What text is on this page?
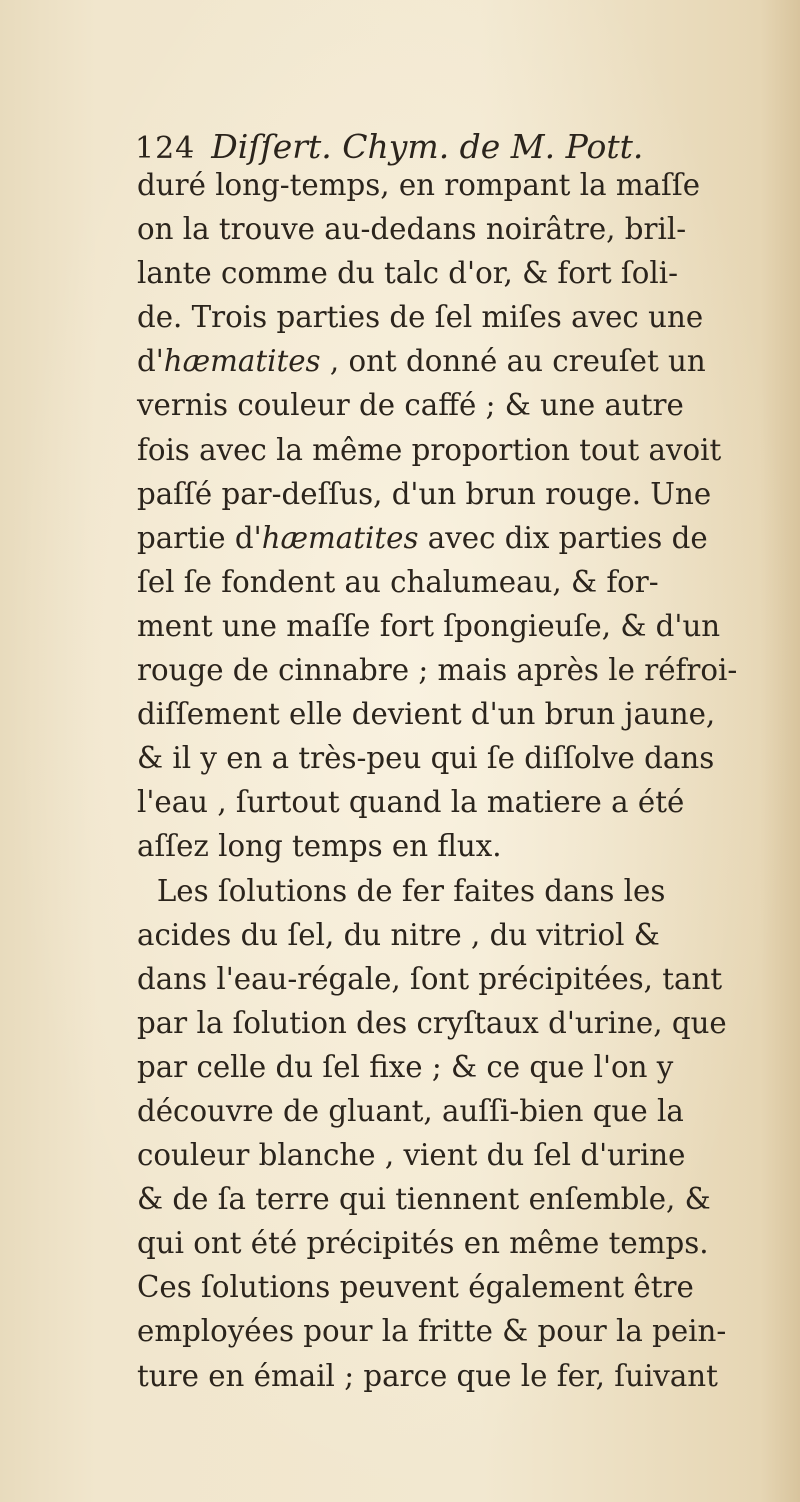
124 Diſſert. Chym. de M. Pott.
duré long-temps, en rompant la maſſe
on la trouve au-dedans noirâtre, bril-
lante comme du talc d'or, & fort ſoli-
de. Trois parties de ſel miſes avec une
d'hæmatites , ont donné au creuſet un
vernis couleur de caffé ; & une autre
fois avec la même proportion tout avoit
paſſé par-deſſus, d'un brun rouge. Une
partie d'hæmatites avec dix parties de
ſel ſe fondent au chalumeau, & for-
ment une maſſe fort ſpongieuſe, & d'un
rouge de cinnabre ; mais après le réfroi-
diſſement elle devient d'un brun jaune,
& il y en a très-peu qui ſe diſſolve dans
l'eau , ſurtout quand la matiere a été
aſſez long temps en flux.
Les ſolutions de fer faites dans les
acides du ſel, du nitre , du vitriol &
dans l'eau-régale, ſont précipitées, tant
par la ſolution des cryſtaux d'urine, que
par celle du ſel fixe ; & ce que l'on y
découvre de gluant, auſſi-bien que la
couleur blanche , vient du ſel d'urine
& de ſa terre qui tiennent enſemble, &
qui ont été précipités en même temps.
Ces ſolutions peuvent également être
employées pour la fritte & pour la pein-
ture en émail ; parce que le fer, ſuivant
